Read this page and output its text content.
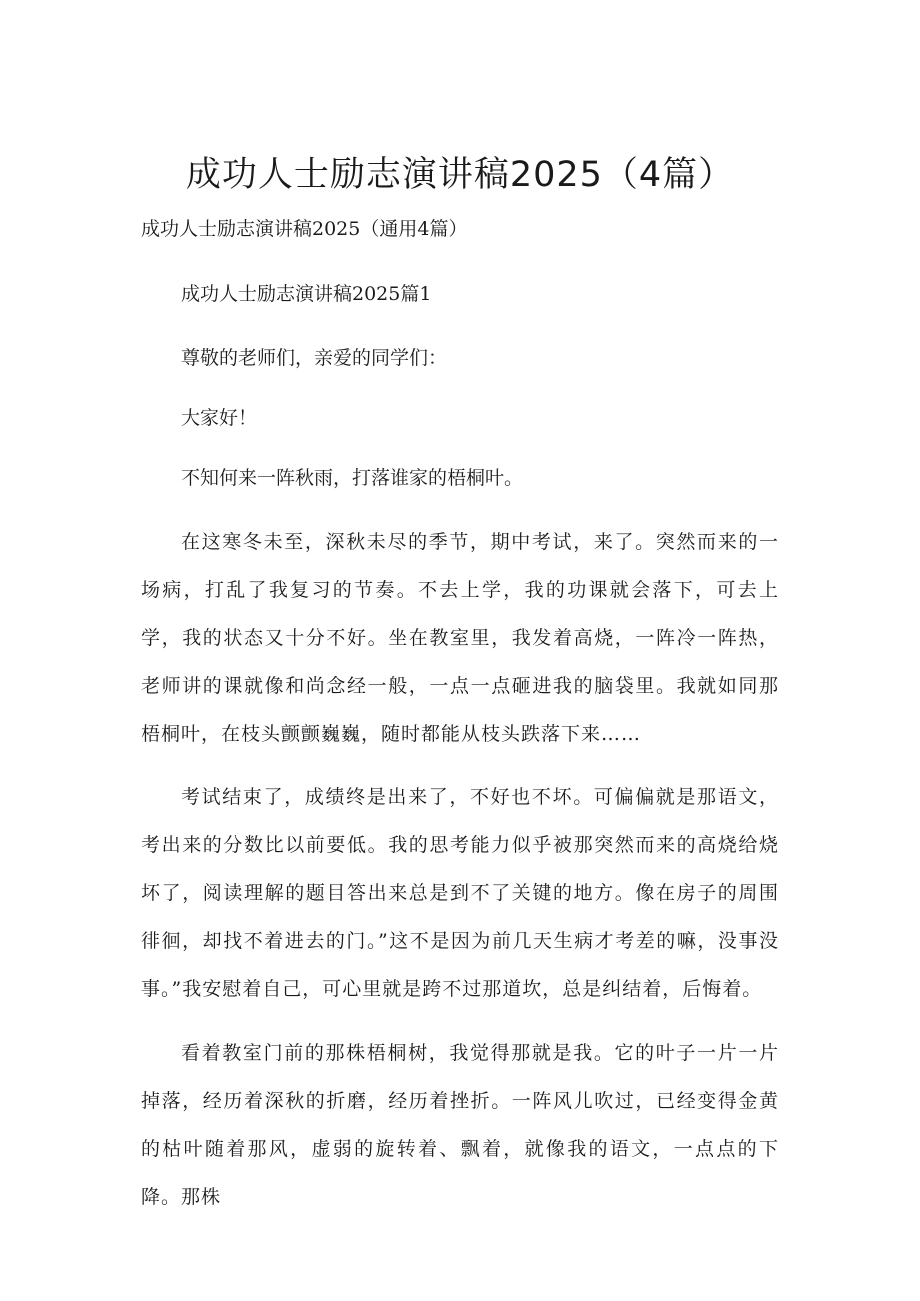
成功人士励志演讲稿2025（4篇）

成功人士励志演讲稿2025（通用4篇）

成功人士励志演讲稿2025篇1

尊敬的老师们，亲爱的同学们：

大家好！

不知何来一阵秋雨，打落谁家的梧桐叶。

在这寒冬未至，深秋未尽的季节，期中考试，来了。突然而来的一场病，打乱了我复习的节奏。不去上学，我的功课就会落下，可去上学，我的状态又十分不好。坐在教室里，我发着高烧，一阵冷一阵热，老师讲的课就像和尚念经一般，一点一点砸进我的脑袋里。我就如同那梧桐叶，在枝头颤颤巍巍，随时都能从枝头跌落下来……

考试结束了，成绩终是出来了，不好也不坏。可偏偏就是那语文，考出来的分数比以前要低。我的思考能力似乎被那突然而来的高烧给烧坏了，阅读理解的题目答出来总是到不了关键的地方。像在房子的周围徘徊，却找不着进去的门。”这不是因为前几天生病才考差的嘛，没事没事。”我安慰着自己，可心里就是跨不过那道坎，总是纠结着，后悔着。

看着教室门前的那株梧桐树，我觉得那就是我。它的叶子一片一片掉落，经历着深秋的折磨，经历着挫折。一阵风儿吹过，已经变得金黄的枯叶随着那风，虚弱的旋转着、飘着，就像我的语文，一点点的下降。那株
